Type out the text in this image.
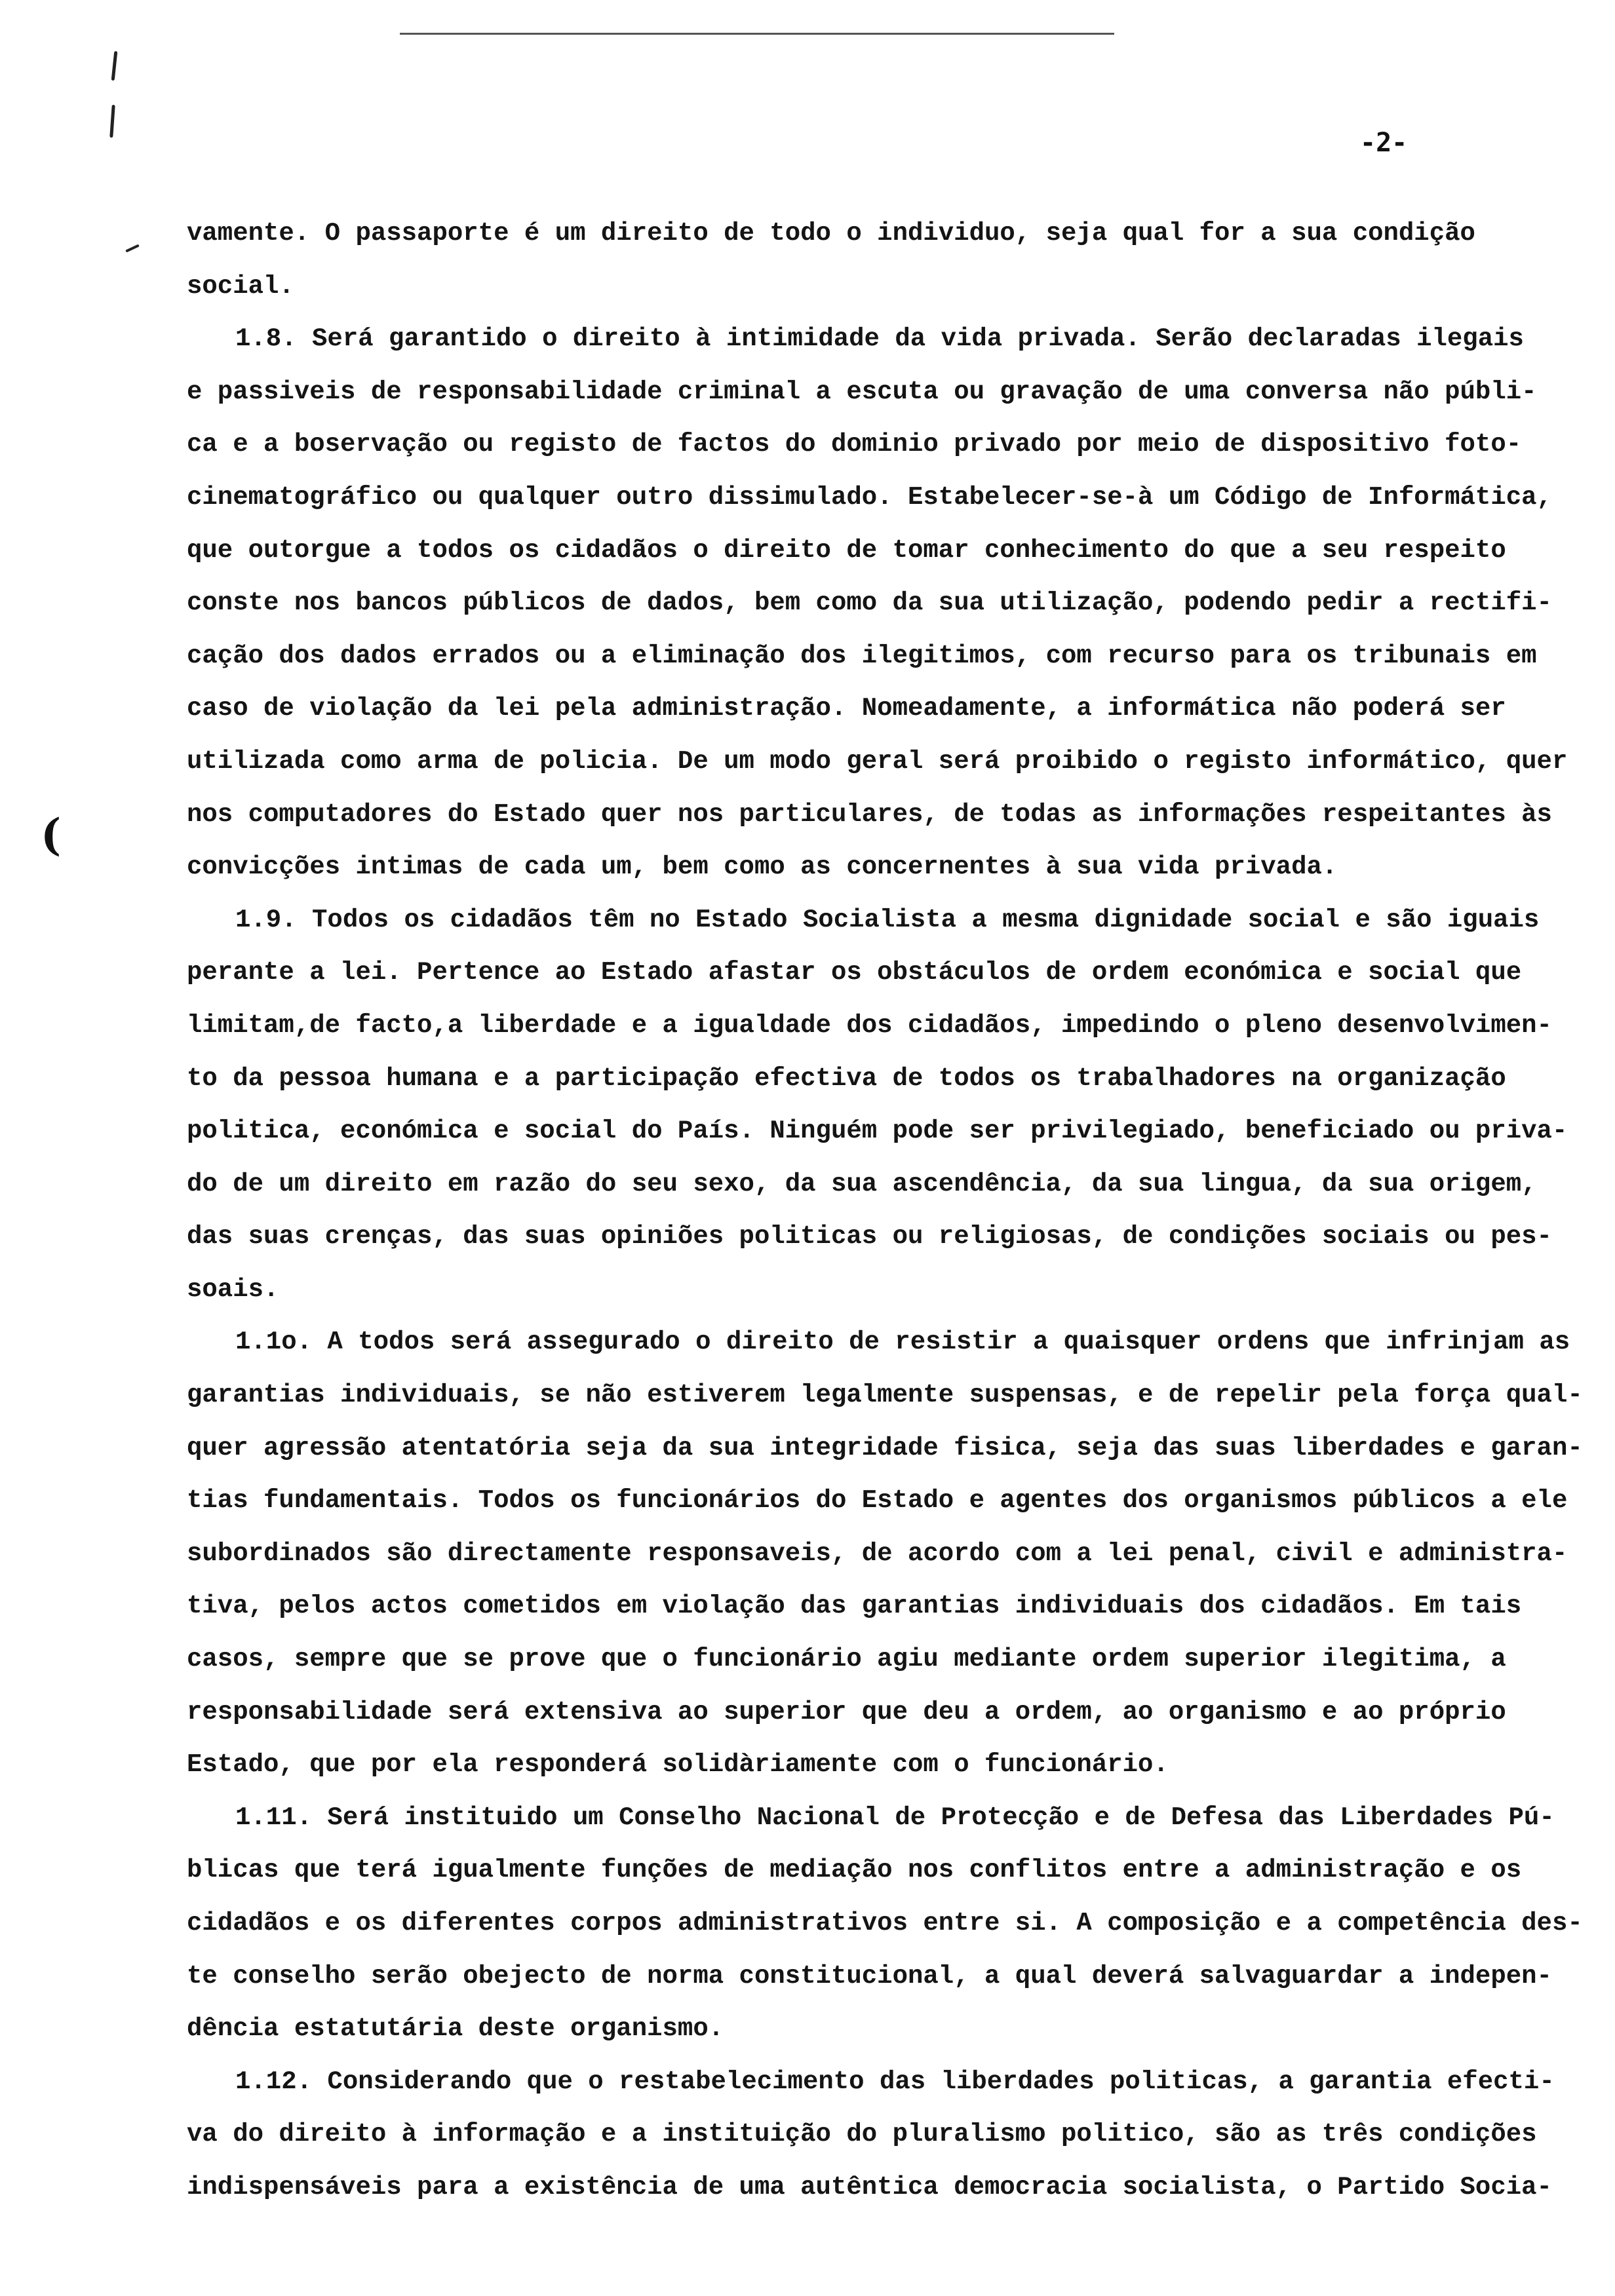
(
-2-
vamente. O passaporte é um direito de todo o individuo, seja qual for a sua condição
social.
1.8. Será garantido o direito à intimidade da vida privada. Serão declaradas ilegais
e passiveis de responsabilidade criminal a escuta ou gravação de uma conversa não públi-
ca e a boservação ou registo de factos do dominio privado por meio de dispositivo foto-
cinematográfico ou qualquer outro dissimulado. Estabelecer-se-à um Código de Informática,
que outorgue a todos os cidadãos o direito de tomar conhecimento do que a seu respeito
conste nos bancos públicos de dados, bem como da sua utilização, podendo pedir a rectifi-
cação dos dados errados ou a eliminação dos ilegitimos, com recurso para os tribunais em
caso de violação da lei pela administração. Nomeadamente, a informática não poderá ser
utilizada como arma de policia. De um modo geral será proibido o registo informático, quer
nos computadores do Estado quer nos particulares, de todas as informações respeitantes às
convicções intimas de cada um, bem como as concernentes à sua vida privada.
1.9. Todos os cidadãos têm no Estado Socialista a mesma dignidade social e são iguais
perante a lei. Pertence ao Estado afastar os obstáculos de ordem económica e social que
limitam,de facto,a liberdade e a igualdade dos cidadãos, impedindo o pleno desenvolvimen-
to da pessoa humana e a participação efectiva de todos os trabalhadores na organização
politica, económica e social do País. Ninguém pode ser privilegiado, beneficiado ou priva-
do de um direito em razão do seu sexo, da sua ascendência, da sua lingua, da sua origem,
das suas crenças, das suas opiniões politicas ou religiosas, de condições sociais ou pes-
soais.
1.1o. A todos será assegurado o direito de resistir a quaisquer ordens que infrinjam as
garantias individuais, se não estiverem legalmente suspensas, e de repelir pela força qual-
quer agressão atentatória seja da sua integridade fisica, seja das suas liberdades e garan-
tias fundamentais. Todos os funcionários do Estado e agentes dos organismos públicos a ele
subordinados são directamente responsaveis, de acordo com a lei penal, civil e administra-
tiva, pelos actos cometidos em violação das garantias individuais dos cidadãos. Em tais
casos, sempre que se prove que o funcionário agiu mediante ordem superior ilegitima, a
responsabilidade será extensiva ao superior que deu a ordem, ao organismo e ao próprio
Estado, que por ela responderá solidàriamente com o funcionário.
1.11. Será instituido um Conselho Nacional de Protecção e de Defesa das Liberdades Pú-
blicas que terá igualmente funções de mediação nos conflitos entre a administração e os
cidadãos e os diferentes corpos administrativos entre si. A composição e a competência des-
te conselho serão obejecto de norma constitucional, a qual deverá salvaguardar a indepen-
dência estatutária deste organismo.
1.12. Considerando que o restabelecimento das liberdades politicas, a garantia efecti-
va do direito à informação e a instituição do pluralismo politico, são as três condições
indispensáveis para a existência de uma autêntica democracia socialista, o Partido Socia-
